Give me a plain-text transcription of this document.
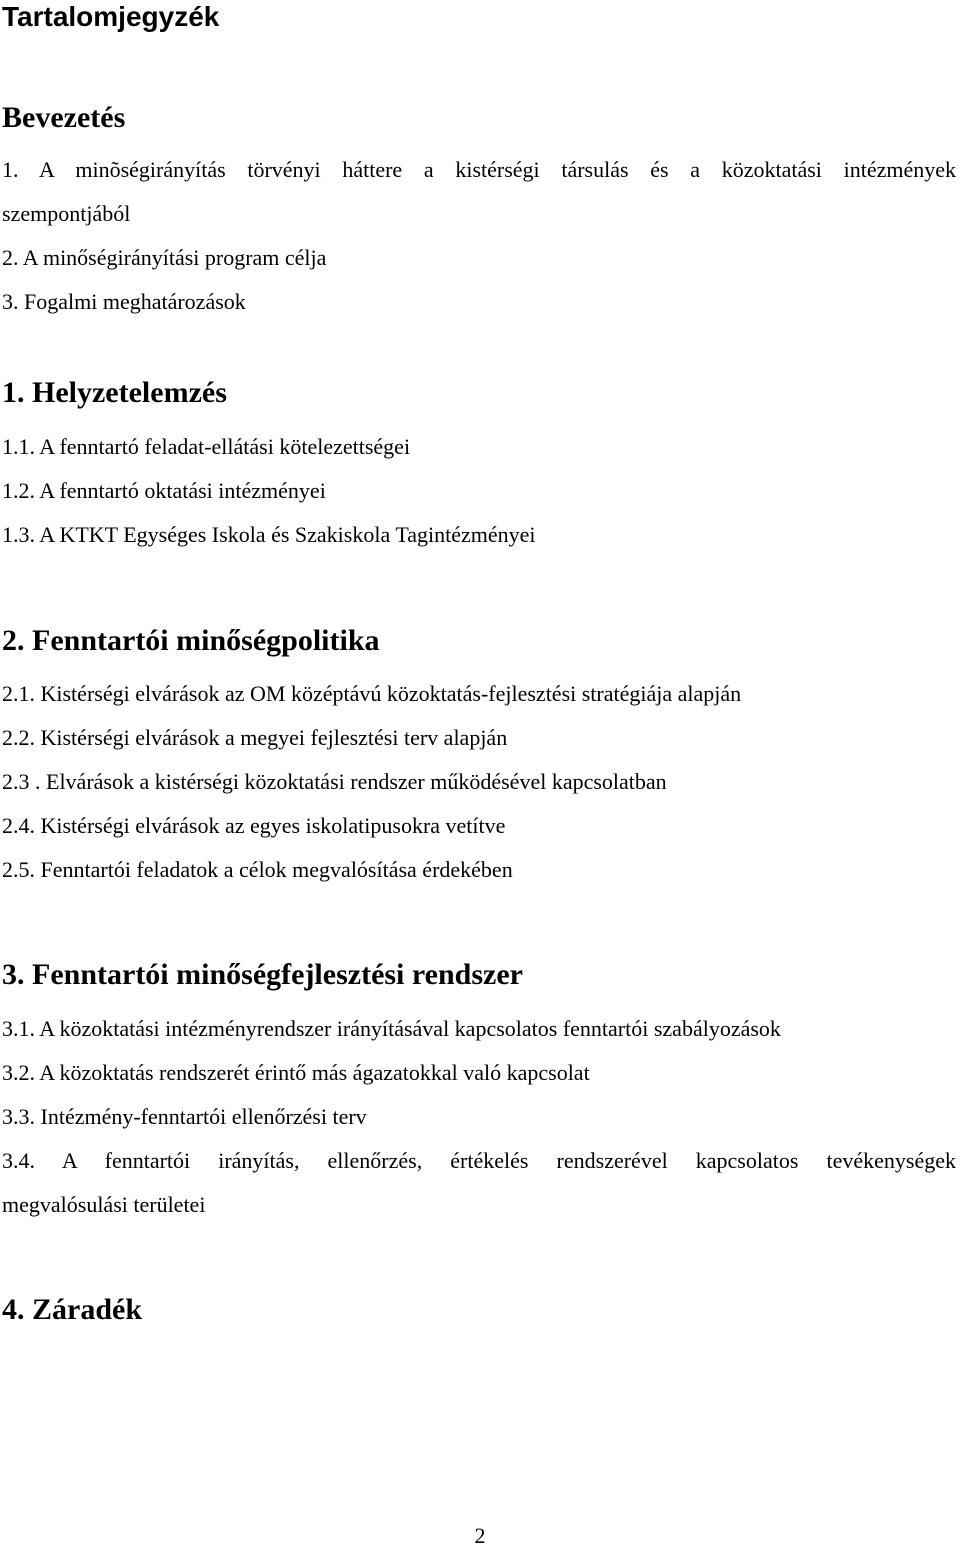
Tartalomjegyzék
Bevezetés
1. A minõségirányítás törvényi háttere a kistérségi társulás és a közoktatási intézmények
szempontjából
2. A minőségirányítási program célja
3. Fogalmi meghatározások
1. Helyzetelemzés
1.1. A fenntartó feladat-ellátási kötelezettségei
1.2. A fenntartó oktatási intézményei
1.3. A KTKT Egységes Iskola és Szakiskola Tagintézményei
2. Fenntartói minőségpolitika
2.1. Kistérségi elvárások az OM középtávú közoktatás-fejlesztési stratégiája alapján
2.2. Kistérségi elvárások a megyei fejlesztési terv alapján
2.3 . Elvárások a kistérségi közoktatási rendszer működésével kapcsolatban
2.4. Kistérségi elvárások az egyes iskolatipusokra vetítve
2.5. Fenntartói feladatok a célok megvalósítása érdekében
3. Fenntartói minőségfejlesztési rendszer
3.1. A közoktatási intézményrendszer irányításával kapcsolatos fenntartói szabályozások
3.2. A közoktatás rendszerét érintő más ágazatokkal való kapcsolat
3.3. Intézmény-fenntartói ellenőrzési terv
3.4. A fenntartói irányítás, ellenőrzés, értékelés rendszerével kapcsolatos tevékenységek
megvalósulási területei
4. Záradék
2
